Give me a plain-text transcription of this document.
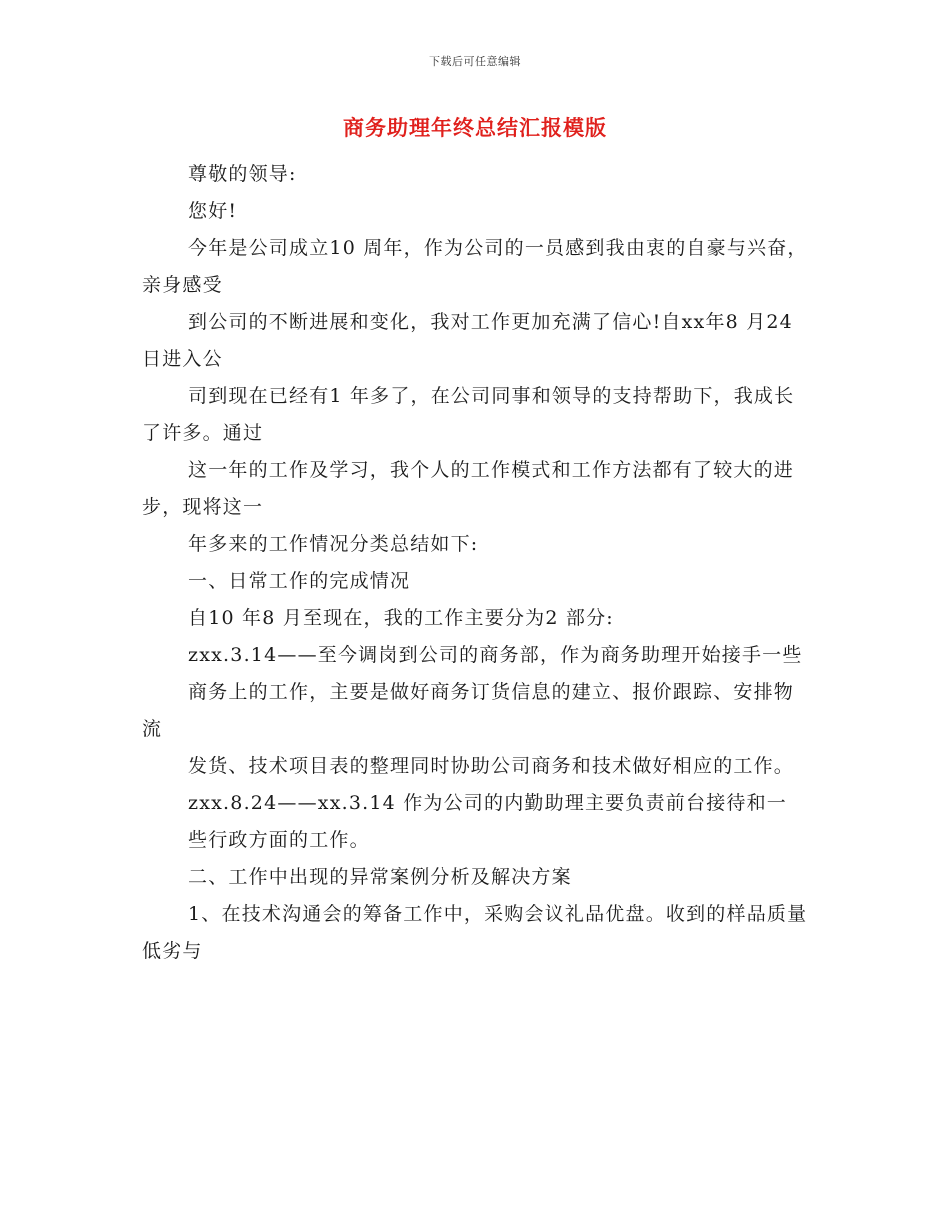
下载后可任意编辑
商务助理年终总结汇报模版

尊敬的领导:

您好!

今年是公司成立10 周年，作为公司的一员感到我由衷的自豪与兴奋，亲身感受

到公司的不断进展和变化，我对工作更加充满了信心!自xx年8 月24 日进入公

司到现在已经有1 年多了，在公司同事和领导的支持帮助下，我成长了许多。通过

这一年的工作及学习，我个人的工作模式和工作方法都有了较大的进步，现将这一

年多来的工作情况分类总结如下:

一、日常工作的完成情况

自10 年8 月至现在，我的工作主要分为2 部分:

zxx.3.14——至今调岗到公司的商务部，作为商务助理开始接手一些

商务上的工作，主要是做好商务订货信息的建立、报价跟踪、安排物流

发货、技术项目表的整理同时协助公司商务和技术做好相应的工作。

zxx.8.24——xx.3.14 作为公司的内勤助理主要负责前台接待和一

些行政方面的工作。

二、工作中出现的异常案例分析及解决方案

1、在技术沟通会的筹备工作中，采购会议礼品优盘。收到的样品质量低劣与
